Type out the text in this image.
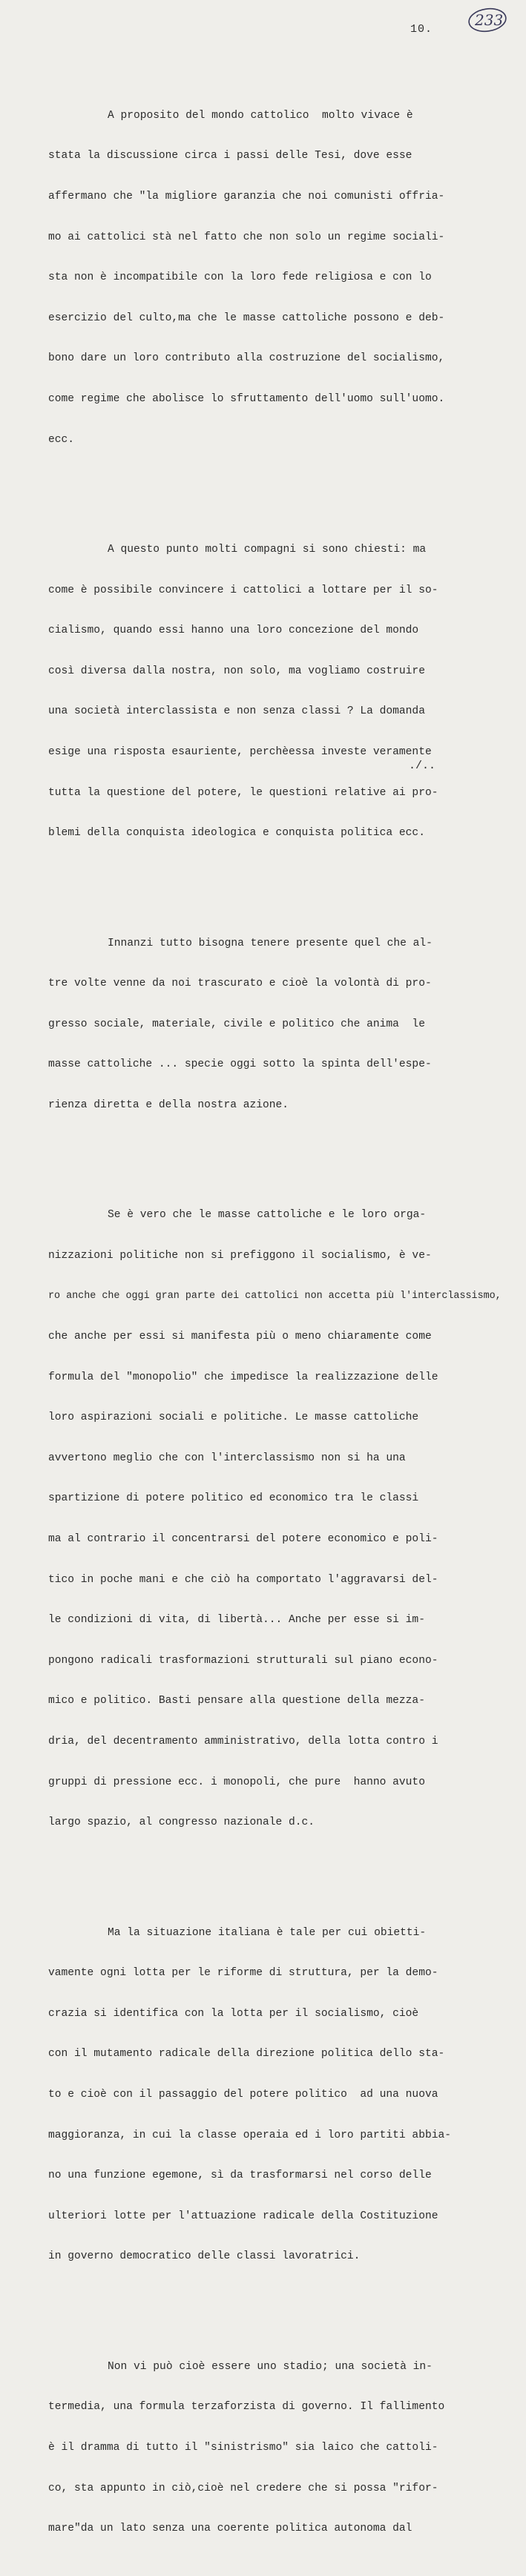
10.
233

A proposito del mondo cattolico  molto vivace è

stata la discussione circa i passi delle Tesi, dove esse

affermano che "la migliore garanzia che noi comunisti offria-

mo ai cattolici stà nel fatto che non solo un regime sociali-

sta non è incompatibile con la loro fede religiosa e con lo

esercizio del culto,ma che le masse cattoliche possono e deb-

bono dare un loro contributo alla costruzione del socialismo,

come regime che abolisce lo sfruttamento dell'uomo sull'uomo.

ecc.

A questo punto molti compagni si sono chiesti: ma

come è possibile convincere i cattolici a lottare per il so-

cialismo, quando essi hanno una loro concezione del mondo

così diversa dalla nostra, non solo, ma vogliamo costruire

una società interclassista e non senza classi ? La domanda

esige una risposta esauriente, perchèessa investe veramente

tutta la questione del potere, le questioni relative ai pro-

blemi della conquista ideologica e conquista politica ecc.

Innanzi tutto bisogna tenere presente quel che al-

tre volte venne da noi trascurato e cioè la volontà di pro-

gresso sociale, materiale, civile e politico che anima  le

masse cattoliche ... specie oggi sotto la spinta dell'espe-

rienza diretta e della nostra azione.

Se è vero che le masse cattoliche e le loro orga-

nizzazioni politiche non si prefiggono il socialismo, è ve-

ro anche che oggi gran parte dei cattolici non accetta più l'interclassismo,

che anche per essi si manifesta più o meno chiaramente come

formula del "monopolio" che impedisce la realizzazione delle

loro aspirazioni sociali e politiche. Le masse cattoliche

avvertono meglio che con l'interclassismo non si ha una

spartizione di potere politico ed economico tra le classi

ma al contrario il concentrarsi del potere economico e poli-

tico in poche mani e che ciò ha comportato l'aggravarsi del-

le condizioni di vita, di libertà... Anche per esse si im-

pongono radicali trasformazioni strutturali sul piano econo-

mico e politico. Basti pensare alla questione della mezza-

dria, del decentramento amministrativo, della lotta contro i

gruppi di pressione ecc. i monopoli, che pure  hanno avuto

largo spazio, al congresso nazionale d.c.

Ma la situazione italiana è tale per cui obietti-

vamente ogni lotta per le riforme di struttura, per la demo-

crazia si identifica con la lotta per il socialismo, cioè

con il mutamento radicale della direzione politica dello sta-

to e cioè con il passaggio del potere politico  ad una nuova

maggioranza, in cui la classe operaia ed i loro partiti abbia-

no una funzione egemone, sì da trasformarsi nel corso delle

ulteriori lotte per l'attuazione radicale della Costituzione

in governo democratico delle classi lavoratrici.

Non vi può cioè essere uno stadio; una società in-

termedia, una formula terzaforzista di governo. Il fallimento

è il dramma di tutto il "sinistrismo" sia laico che cattoli-

co, sta appunto in ciò,cioè nel credere che si possa "rifor-

mare"da un lato senza una coerente politica autonoma dal

./..
